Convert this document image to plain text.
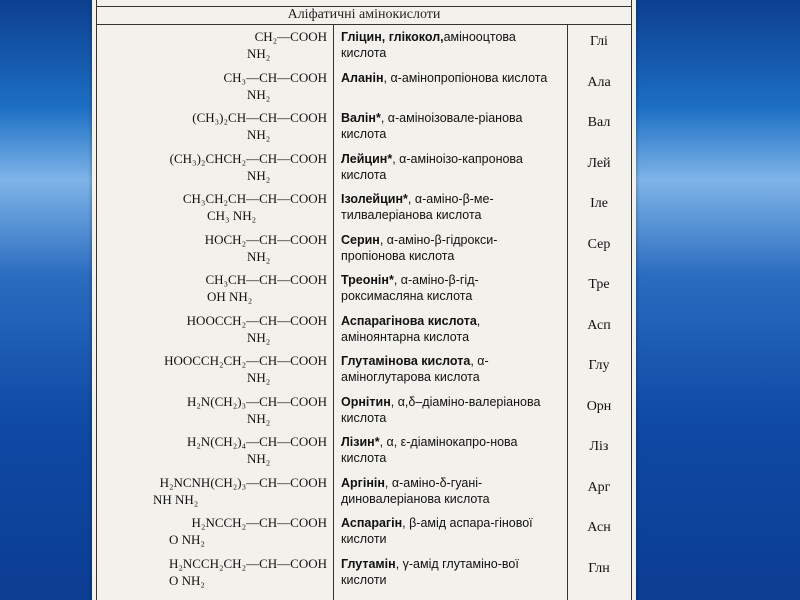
Аліфатичні амінокислоти
CH₂—COOH
NH₂
Гліцин, глікокол,аміноoцтова кислота
Глі
CH₃—CH—COOH
NH₂
Аланін, α-амінопропіонова кислота	Ала
(CH₃)₂CH—CH—COOH
NH₂
Валін*, α-аміноізовале-ріанова кислота
Вал
(CH₃)₂CHCH₂—CH—COOH
NH₂
Лейцин*, α-аміноізо-капронова кислота
Лей
CH₃CH₂CH—CH—COOH
CH₃ NH₂
Ізолейцин*, α-аміно-β-ме-тилвалеріанова кислота
Іле
HOCH₂—CH—COOH
NH₂
Серин, α-аміно-β-гідрокси-пропіонова кислота
Сер
CH₃CH—CH—COOH
OH NH₂
Треонін*, α-аміно-β-гід-роксимасляна кислота
Тре
HOOCCH₂—CH—COOH
NH₂
Аспарагінова кислота, аміноянтарна кислота
Асп
HOOCCH₂CH₂—CH—COOH
NH₂
Глутамінова кислота, α-аміноглутарова кислота
Глу
H₂N(CH₂)₃—CH—COOH
NH₂
Орнітин, α,δ–діаміно-валеріанова кислота
Орн
H₂N(CH₂)₄—CH—COOH
NH₂
Лізин*, α, ε-діамінокапро-нова кислота
Ліз
H₂NCNH(CH₂)₃—CH—COOH
NH NH₂
Аргінін, α-аміно-δ-гуані-диновалеріанова кислота
Арг
H₂NCCH₂—CH—COOH
O NH₂
Аспарагін, β-амід аспара-гінової кислоти
Асн
H₂NCCH₂CH₂—CH—COOH
O NH₂
Глутамін, γ-амід глутаміно-вої кислоти
Глн
